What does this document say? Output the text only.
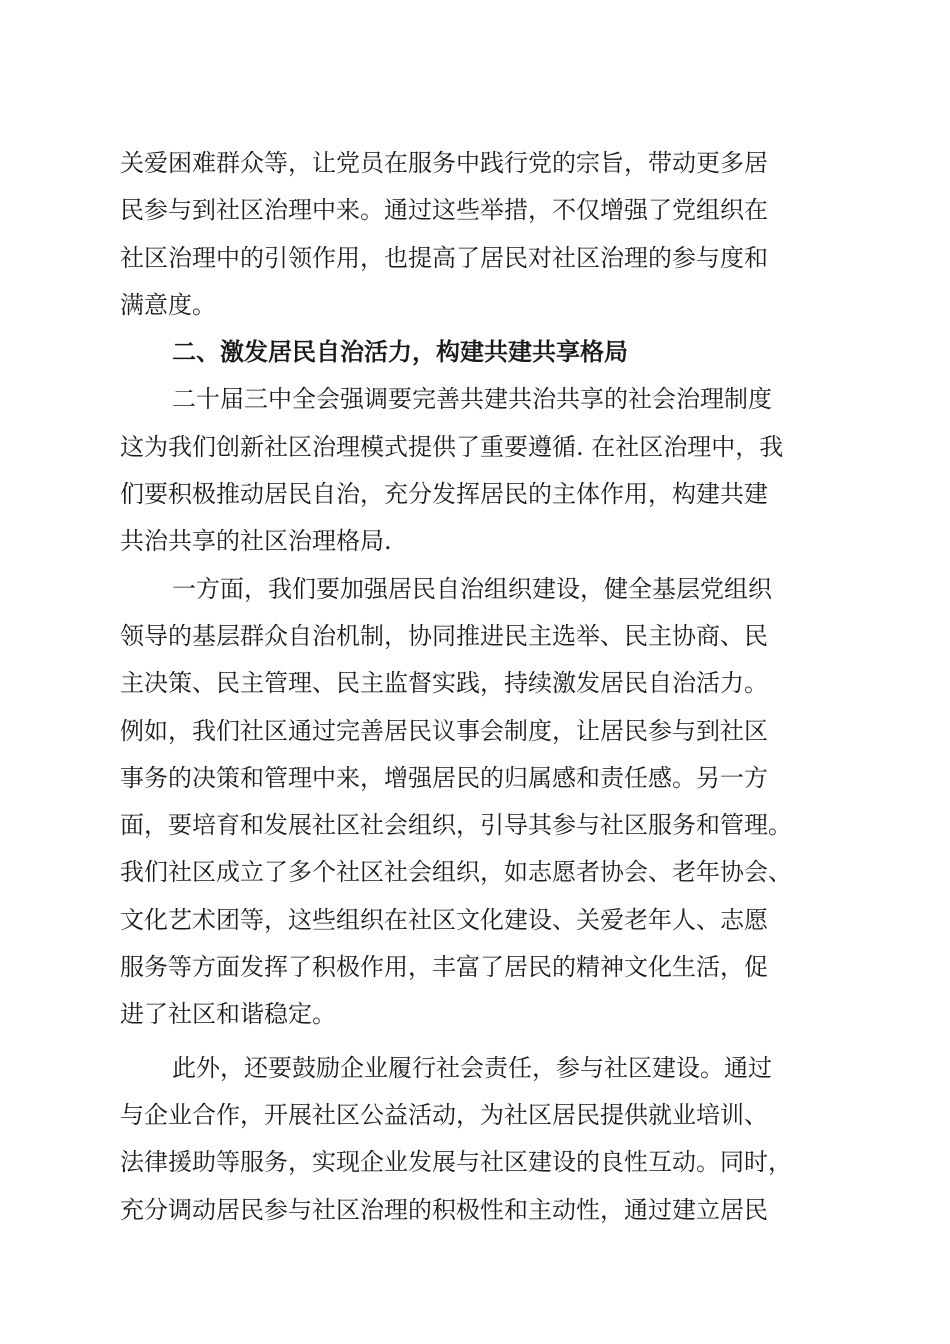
关爱困难群众等，让党员在服务中践行党的宗旨，带动更多居
民参与到社区治理中来。通过这些举措，不仅增强了党组织在
社区治理中的引领作用，也提高了居民对社区治理的参与度和
满意度。
二、激发居民自治活力，构建共建共享格局
二十届三中全会强调要完善共建共治共享的社会治理制度
这为我们创新社区治理模式提供了重要遵循. 在社区治理中，我
们要积极推动居民自治，充分发挥居民的主体作用，构建共建
共治共享的社区治理格局.
一方面，我们要加强居民自治组织建设，健全基层党组织
领导的基层群众自治机制，协同推进民主选举、民主协商、民
主决策、民主管理、民主监督实践，持续激发居民自治活力。
例如，我们社区通过完善居民议事会制度，让居民参与到社区
事务的决策和管理中来，增强居民的归属感和责任感。另一方
面，要培育和发展社区社会组织，引导其参与社区服务和管理。
我们社区成立了多个社区社会组织，如志愿者协会、老年协会、
文化艺术团等，这些组织在社区文化建设、关爱老年人、志愿
服务等方面发挥了积极作用，丰富了居民的精神文化生活，促
进了社区和谐稳定。
此外，还要鼓励企业履行社会责任，参与社区建设。通过
与企业合作，开展社区公益活动，为社区居民提供就业培训、
法律援助等服务，实现企业发展与社区建设的良性互动。同时，
充分调动居民参与社区治理的积极性和主动性，通过建立居民
